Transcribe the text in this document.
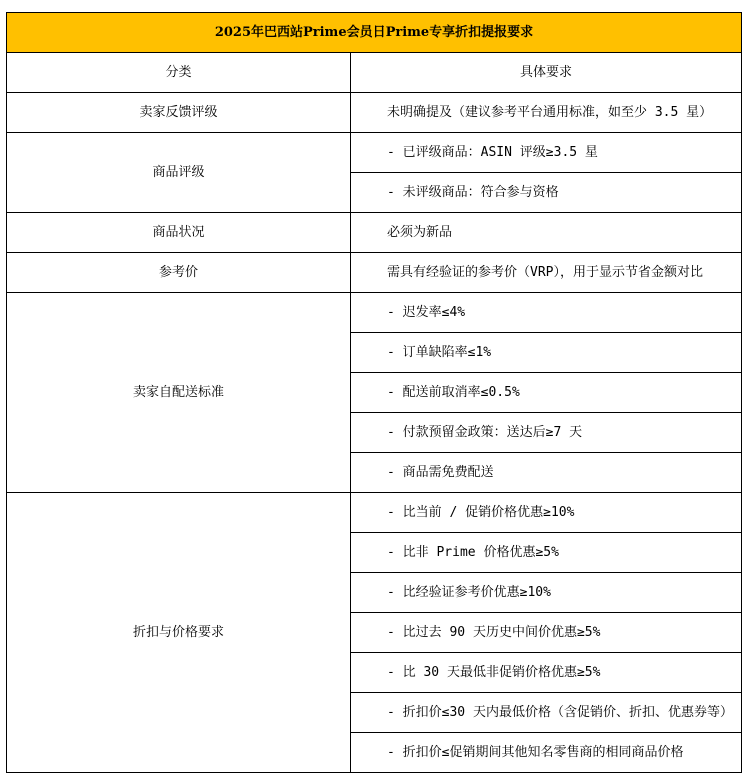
2025年巴西站Prime会员日Prime专享折扣提报要求	
分类	具体要求
卖家反馈评级	未明确提及（建议参考平台通用标准，如至少 3.5 星）
商品评级	- 已评级商品：ASIN 评级≥3.5 星
	- 未评级商品：符合参与资格
商品状况	必须为新品
参考价	需具有经验证的参考价（VRP），用于显示节省金额对比
卖家自配送标准	- 迟发率≤4%
	- 订单缺陷率≤1%
	- 配送前取消率≤0.5%
	- 付款预留金政策：送达后≥7 天
	- 商品需免费配送
折扣与价格要求	- 比当前 / 促销价格优惠≥10%
	- 比非 Prime 价格优惠≥5%
	- 比经验证参考价优惠≥10%
	- 比过去 90 天历史中间价优惠≥5%
	- 比 30 天最低非促销价格优惠≥5%
	- 折扣价≤30 天内最低价格（含促销价、折扣、优惠券等）
	- 折扣价≤促销期间其他知名零售商的相同商品价格
